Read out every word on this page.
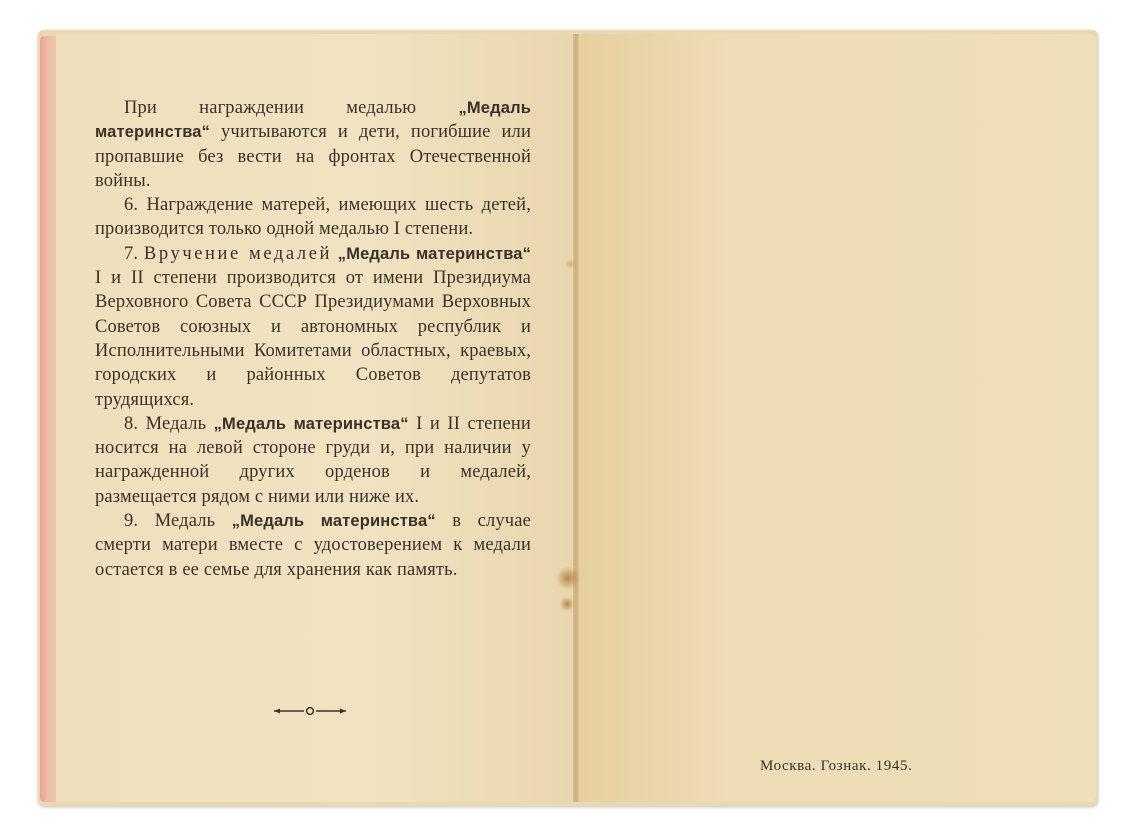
При награждении медалью „Медаль материнства“ учитываются и дети, погибшие или пропавшие без вести на фронтах Отечественной войны.

6. Награждение матерей, имеющих шесть детей, производится только одной медалью I степени.

7. Вручение медалей „Медаль материнства“ I и II степени производится от имени Президиума Верховного Совета СССР Президиумами Верховных Советов союзных и автономных республик и Исполнительными Комитетами областных, краевых, городских и районных Советов депутатов трудящихся.

8. Медаль „Медаль материнства“ I и II степени носится на левой стороне груди и, при наличии у награжденной других орденов и медалей, размещается рядом с ними или ниже их.

9. Медаль „Медаль материнства“ в случае смерти матери вместе с удостоверением к медали остается в ее семье для хранения как память.

Москва. Гознак. 1945.
